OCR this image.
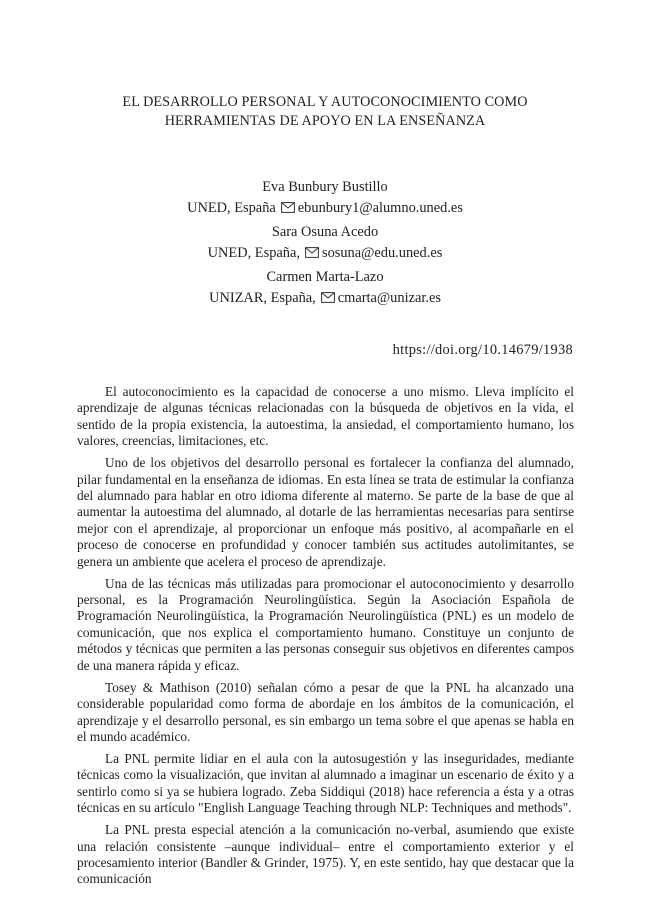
EL DESARROLLO PERSONAL Y AUTOCONOCIMIENTO COMO
HERRAMIENTAS DE APOYO EN LA ENSEÑANZA
Eva Bunbury Bustillo
UNED, España ebunbury1@alumno.uned.es
Sara Osuna Acedo
UNED, España, sosuna@edu.uned.es
Carmen Marta-Lazo
UNIZAR, España, cmarta@unizar.es
https://doi.org/10.14679/1938

El autoconocimiento es la capacidad de conocerse a uno mismo. Lleva implícito el aprendizaje de algunas técnicas relacionadas con la búsqueda de objetivos en la vida, el sentido de la propia existencia, la autoestima, la ansiedad, el comportamiento humano, los valores, creencias, limitaciones, etc.

Uno de los objetivos del desarrollo personal es fortalecer la confianza del alumnado, pilar fundamental en la enseñanza de idiomas. En esta línea se trata de estimular la confianza del alumnado para hablar en otro idioma diferente al materno. Se parte de la base de que al aumentar la autoestima del alumnado, al dotarle de las herramientas necesarias para sentirse mejor con el aprendizaje, al proporcionar un enfoque más positivo, al acompañarle en el proceso de conocerse en profundidad y conocer también sus actitudes autolimitantes, se genera un ambiente que acelera el proceso de aprendizaje.

Una de las técnicas más utilizadas para promocionar el autoconocimiento y desarrollo personal, es la Programación Neurolingüística. Según la Asociación Española de Programación Neurolingüística, la Programación Neurolingüística (PNL) es un modelo de comunicación, que nos explica el comportamiento humano. Constituye un conjunto de métodos y técnicas que permiten a las personas conseguir sus objetivos en diferentes campos de una manera rápida y eficaz.

Tosey & Mathison (2010) señalan cómo a pesar de que la PNL ha alcanzado una considerable popularidad como forma de abordaje en los ámbitos de la comunicación, el aprendizaje y el desarrollo personal, es sin embargo un tema sobre el que apenas se habla en el mundo académico.

La PNL permite lidiar en el aula con la autosugestión y las inseguridades, mediante técnicas como la visualización, que invitan al alumnado a imaginar un escenario de éxito y a sentirlo como si ya se hubiera logrado. Zeba Siddiqui (2018) hace referencia a ésta y a otras técnicas en su artículo "English Language Teaching through NLP: Techniques and methods".

La PNL presta especial atención a la comunicación no-verbal, asumiendo que existe una relación consistente –aunque individual– entre el comportamiento exterior y el procesamiento interior (Bandler & Grinder, 1975). Y, en este sentido, hay que destacar que la comunicación
